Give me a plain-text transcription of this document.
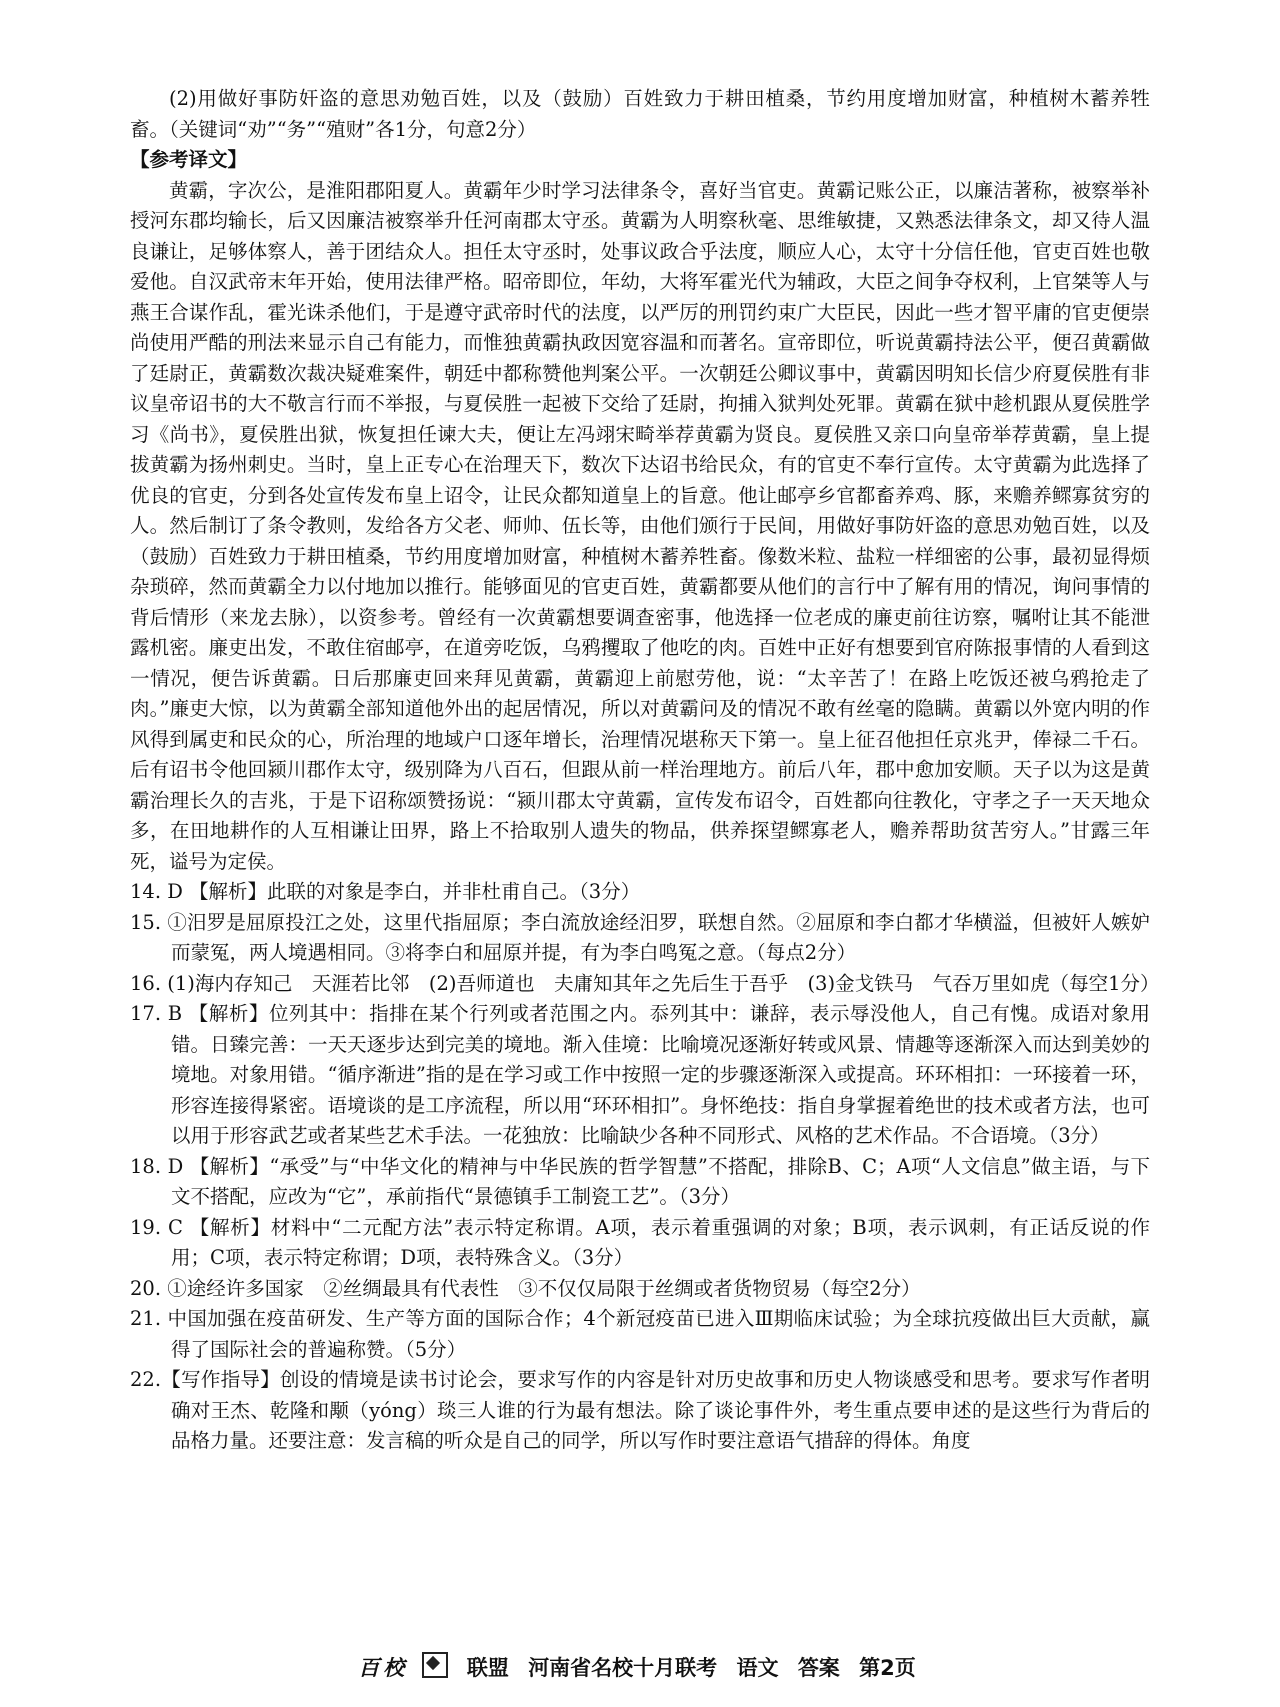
(2)用做好事防奸盗的意思劝勉百姓，以及（鼓励）百姓致力于耕田植桑，节约用度增加财富，种植树木蓄养牲畜。（关键词“劝”“务”“殖财”各1分，句意2分）

【参考译文】

黄霸，字次公，是淮阳郡阳夏人。黄霸年少时学习法律条令，喜好当官吏。黄霸记账公正，以廉洁著称，被察举补授河东郡均输长，后又因廉洁被察举升任河南郡太守丞。黄霸为人明察秋毫、思维敏捷，又熟悉法律条文，却又待人温良谦让，足够体察人，善于团结众人。担任太守丞时，处事议政合乎法度，顺应人心，太守十分信任他，官吏百姓也敬爱他。自汉武帝末年开始，使用法律严格。昭帝即位，年幼，大将军霍光代为辅政，大臣之间争夺权利，上官桀等人与燕王合谋作乱，霍光诛杀他们，于是遵守武帝时代的法度，以严厉的刑罚约束广大臣民，因此一些才智平庸的官吏便崇尚使用严酷的刑法来显示自己有能力，而惟独黄霸执政因宽容温和而著名。宣帝即位，听说黄霸持法公平，便召黄霸做了廷尉正，黄霸数次裁决疑难案件，朝廷中都称赞他判案公平。一次朝廷公卿议事中，黄霸因明知长信少府夏侯胜有非议皇帝诏书的大不敬言行而不举报，与夏侯胜一起被下交给了廷尉，拘捕入狱判处死罪。黄霸在狱中趁机跟从夏侯胜学习《尚书》，夏侯胜出狱，恢复担任谏大夫，便让左冯翊宋畸举荐黄霸为贤良。夏侯胜又亲口向皇帝举荐黄霸，皇上提拔黄霸为扬州刺史。当时，皇上正专心在治理天下，数次下达诏书给民众，有的官吏不奉行宣传。太守黄霸为此选择了优良的官吏，分到各处宣传发布皇上诏令，让民众都知道皇上的旨意。他让邮亭乡官都畜养鸡、豚，来赡养鳏寡贫穷的人。然后制订了条令教则，发给各方父老、师帅、伍长等，由他们颁行于民间，用做好事防奸盗的意思劝勉百姓，以及（鼓励）百姓致力于耕田植桑，节约用度增加财富，种植树木蓄养牲畜。像数米粒、盐粒一样细密的公事，最初显得烦杂琐碎，然而黄霸全力以付地加以推行。能够面见的官吏百姓，黄霸都要从他们的言行中了解有用的情况，询问事情的背后情形（来龙去脉），以资参考。曾经有一次黄霸想要调查密事，他选择一位老成的廉吏前往访察，嘱咐让其不能泄露机密。廉吏出发，不敢住宿邮亭，在道旁吃饭，乌鸦攫取了他吃的肉。百姓中正好有想要到官府陈报事情的人看到这一情况，便告诉黄霸。日后那廉吏回来拜见黄霸，黄霸迎上前慰劳他，说：“太辛苦了！在路上吃饭还被乌鸦抢走了肉。”廉吏大惊，以为黄霸全部知道他外出的起居情况，所以对黄霸问及的情况不敢有丝毫的隐瞒。黄霸以外宽内明的作风得到属吏和民众的心，所治理的地域户口逐年增长，治理情况堪称天下第一。皇上征召他担任京兆尹，俸禄二千石。后有诏书令他回颍川郡作太守，级别降为八百石，但跟从前一样治理地方。前后八年，郡中愈加安顺。天子以为这是黄霸治理长久的吉兆，于是下诏称颂赞扬说：“颍川郡太守黄霸，宣传发布诏令，百姓都向往教化，守孝之子一天天地众多，在田地耕作的人互相谦让田界，路上不拾取别人遗失的物品，供养探望鳏寡老人，赡养帮助贫苦穷人。”甘露三年死，谥号为定侯。

14. D 【解析】此联的对象是李白，并非杜甫自己。（3分）

15. ①汨罗是屈原投江之处，这里代指屈原；李白流放途经汨罗，联想自然。②屈原和李白都才华横溢，但被奸人嫉妒而蒙冤，两人境遇相同。③将李白和屈原并提，有为李白鸣冤之意。（每点2分）

16. (1)海内存知己　天涯若比邻　(2)吾师道也　夫庸知其年之先后生于吾乎　(3)金戈铁马　气吞万里如虎（每空1分）

17. B 【解析】位列其中：指排在某个行列或者范围之内。忝列其中：谦辞，表示辱没他人，自己有愧。成语对象用错。日臻完善：一天天逐步达到完美的境地。渐入佳境：比喻境况逐渐好转或风景、情趣等逐渐深入而达到美妙的境地。对象用错。“循序渐进”指的是在学习或工作中按照一定的步骤逐渐深入或提高。环环相扣：一环接着一环，形容连接得紧密。语境谈的是工序流程，所以用“环环相扣”。身怀绝技：指自身掌握着绝世的技术或者方法，也可以用于形容武艺或者某些艺术手法。一花独放：比喻缺少各种不同形式、风格的艺术作品。不合语境。（3分）

18. D 【解析】“承受”与“中华文化的精神与中华民族的哲学智慧”不搭配，排除B、C；A项“人文信息”做主语，与下文不搭配，应改为“它”，承前指代“景德镇手工制瓷工艺”。（3分）

19. C 【解析】材料中“二元配方法”表示特定称谓。A项，表示着重强调的对象；B项，表示讽刺，有正话反说的作用；C项，表示特定称谓；D项，表特殊含义。（3分）

20. ①途经许多国家　②丝绸最具有代表性　③不仅仅局限于丝绸或者货物贸易（每空2分）

21. 中国加强在疫苗研发、生产等方面的国际合作；4个新冠疫苗已进入Ⅲ期临床试验；为全球抗疫做出巨大贡献，赢得了国际社会的普遍称赞。（5分）

22.【写作指导】创设的情境是读书讨论会，要求写作的内容是针对历史故事和历史人物谈感受和思考。要求写作者明确对王杰、乾隆和颙（yóng）琰三人谁的行为最有想法。除了谈论事件外，考生重点要申述的是这些行为背后的品格力量。还要注意：发言稿的听众是自己的同学，所以写作时要注意语气措辞的得体。角度

百校	联盟 河南省名校十月联考 语文 答案 第2页
